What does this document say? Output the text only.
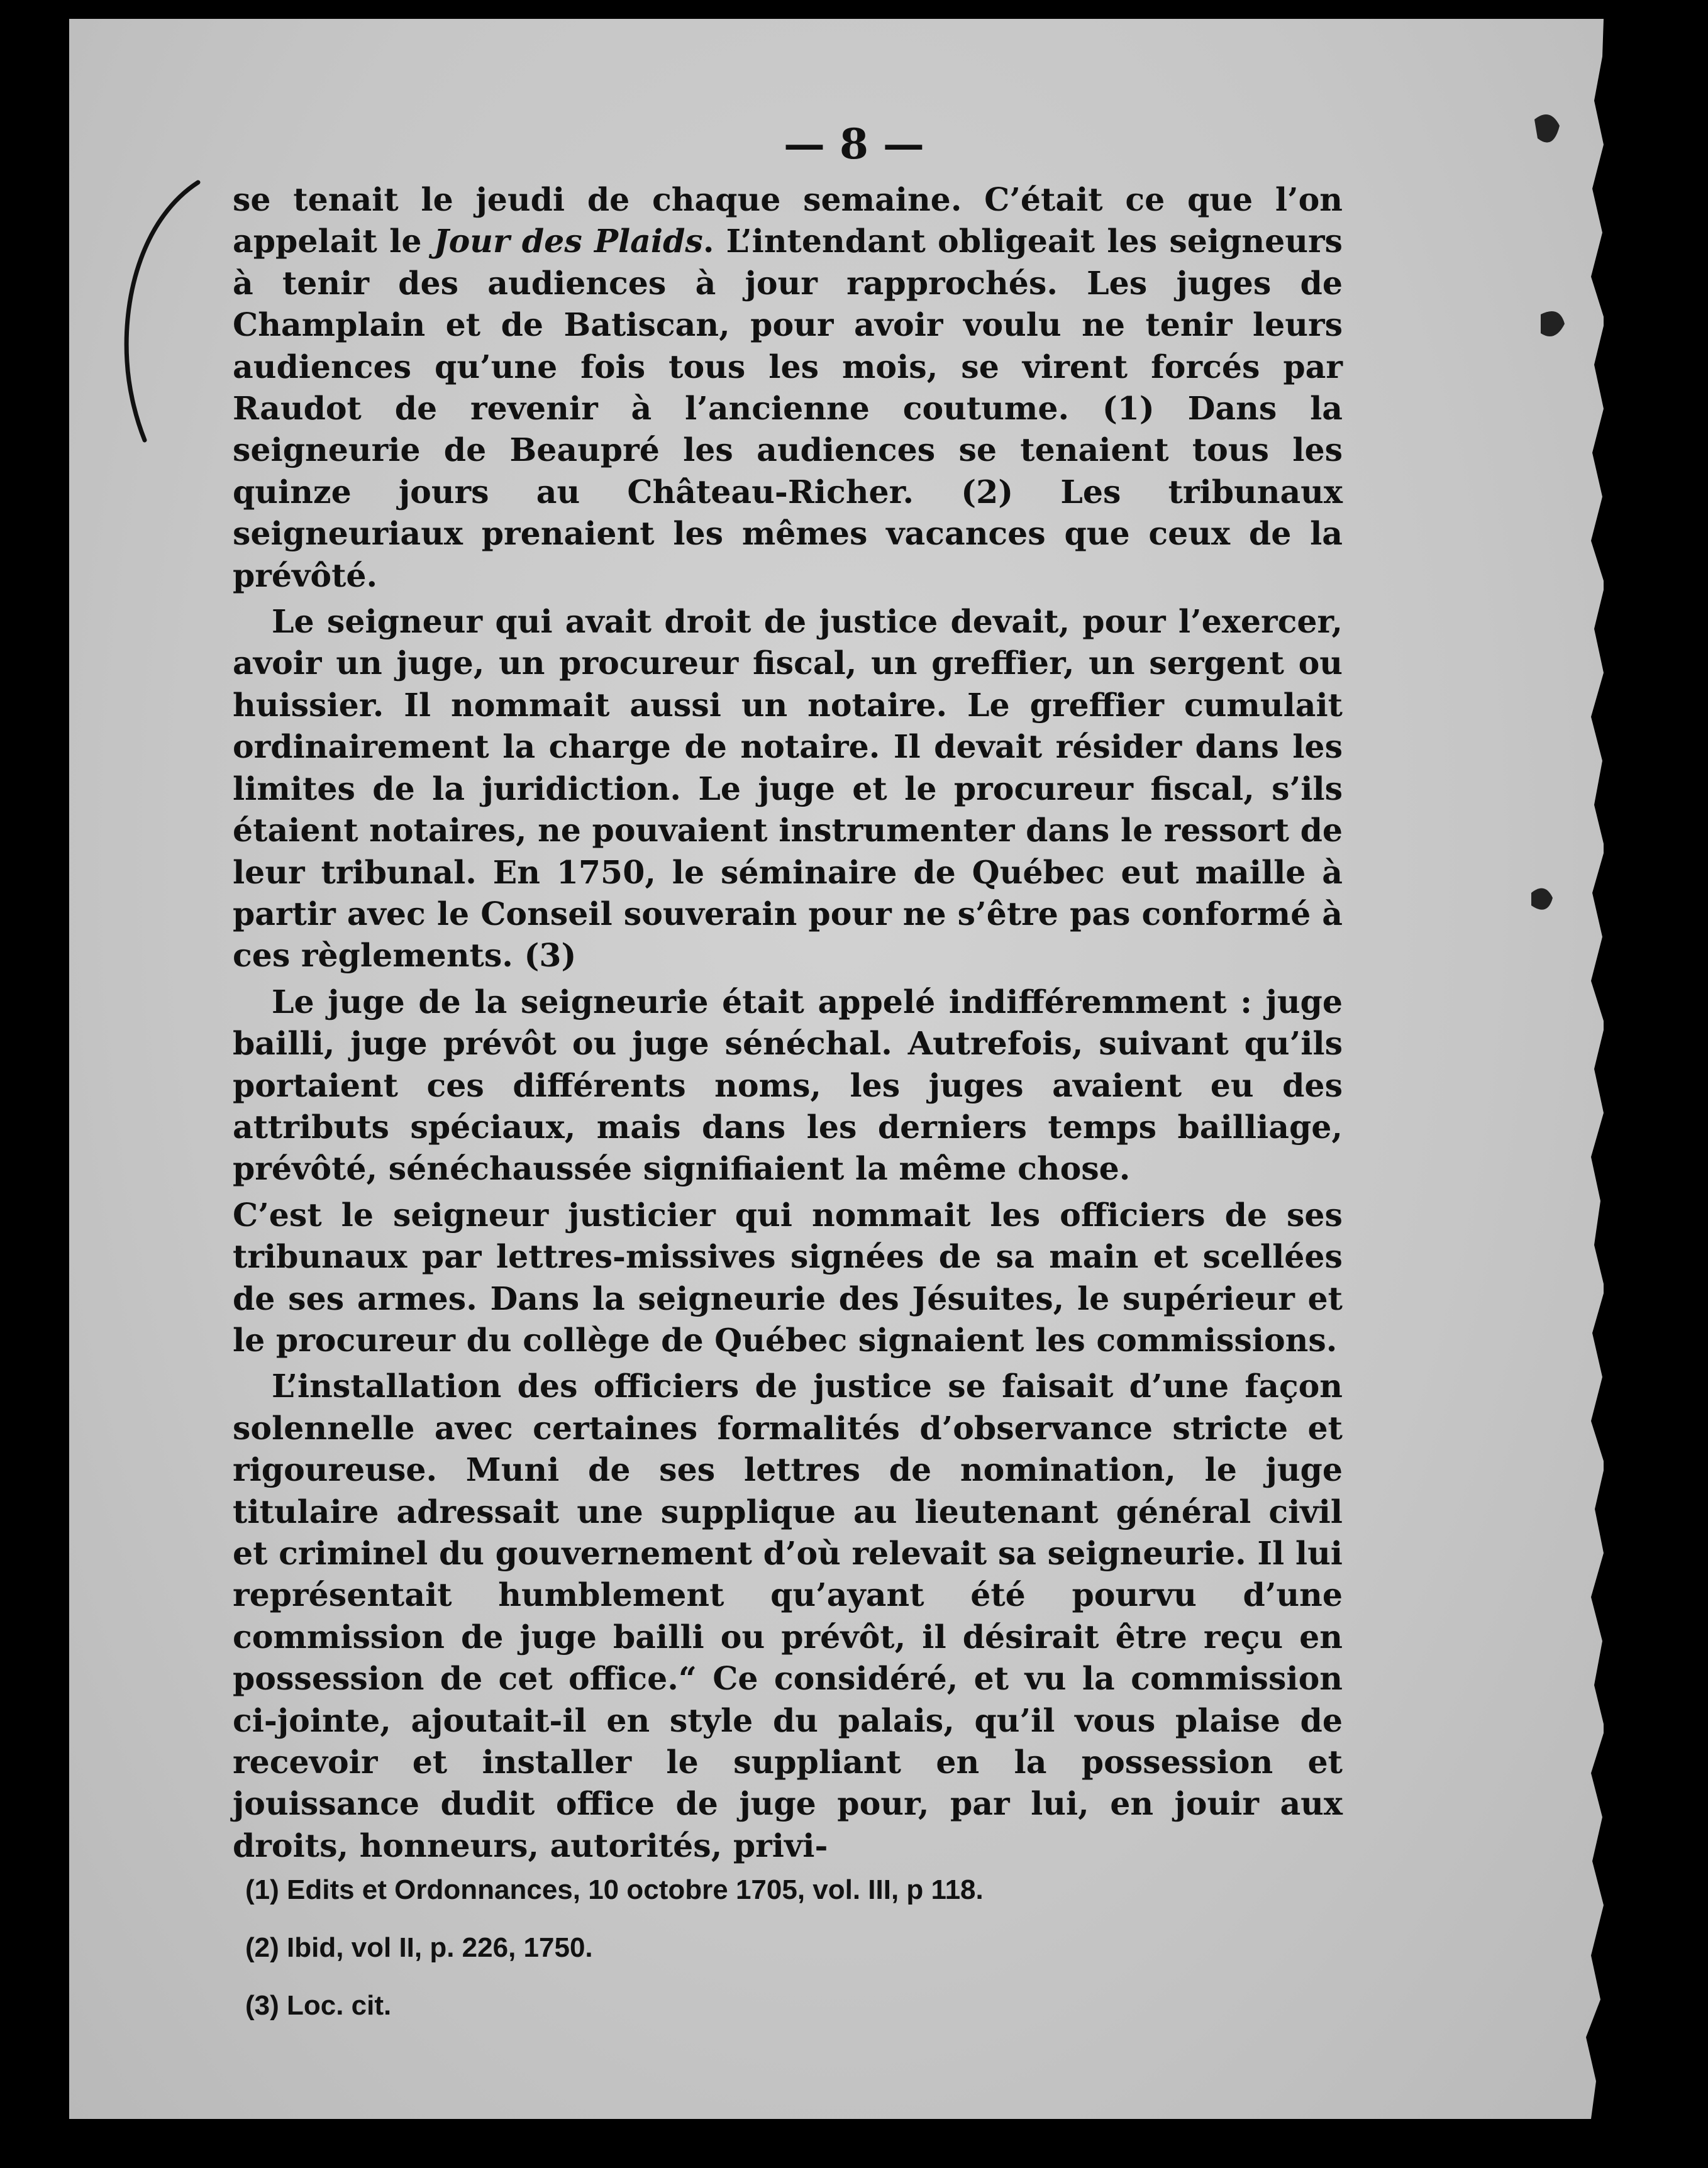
— 8 —

se tenait le jeudi de chaque semaine. C’était ce que l’on appelait le Jour des Plaids. L’intendant obligeait les seigneurs à tenir des audiences à jour rapprochés. Les juges de Champlain et de Batiscan, pour avoir voulu ne tenir leurs audiences qu’une fois tous les mois, se virent forcés par Raudot de revenir à l’ancienne coutume. (1) Dans la seigneurie de Beaupré les audiences se tenaient tous les quinze jours au Château-Richer. (2) Les tribunaux seigneuriaux prenaient les mêmes vacances que ceux de la prévôté.

Le seigneur qui avait droit de justice devait, pour l’exercer, avoir un juge, un procureur fiscal, un greffier, un sergent ou huissier. Il nommait aussi un notaire. Le greffier cumulait ordinairement la charge de notaire. Il devait résider dans les limites de la juridiction. Le juge et le procureur fiscal, s’ils étaient notaires, ne pouvaient instrumenter dans le ressort de leur tribunal. En 1750, le séminaire de Québec eut maille à partir avec le Conseil souverain pour ne s’être pas conformé à ces règlements. (3)

Le juge de la seigneurie était appelé indifféremment : juge bailli, juge prévôt ou juge sénéchal. Autrefois, suivant qu’ils portaient ces différents noms, les juges avaient eu des attributs spéciaux, mais dans les derniers temps bailliage, prévôté, sénéchaussée signifiaient la même chose.

C’est le seigneur justicier qui nommait les officiers de ses tribunaux par lettres-missives signées de sa main et scellées de ses armes. Dans la seigneurie des Jésuites, le supérieur et le procureur du collège de Québec signaient les commissions.

L’installation des officiers de justice se faisait d’une façon solennelle avec certaines formalités d’observance stricte et rigoureuse. Muni de ses lettres de nomination, le juge titulaire adressait une supplique au lieutenant général civil et criminel du gouvernement d’où relevait sa seigneurie. Il lui représentait humblement qu’ayant été pourvu d’une commission de juge bailli ou prévôt, il désirait être reçu en possession de cet office.“ Ce considéré, et vu la commission ci-jointe, ajoutait-il en style du palais, qu’il vous plaise de recevoir et installer le suppliant en la possession et jouissance dudit office de juge pour, par lui, en jouir aux droits, honneurs, autorités, privi-

(1) Edits et Ordonnances, 10 octobre 1705, vol. III, p 118.
(2) Ibid, vol II, p. 226, 1750.
(3) Loc. cit.
